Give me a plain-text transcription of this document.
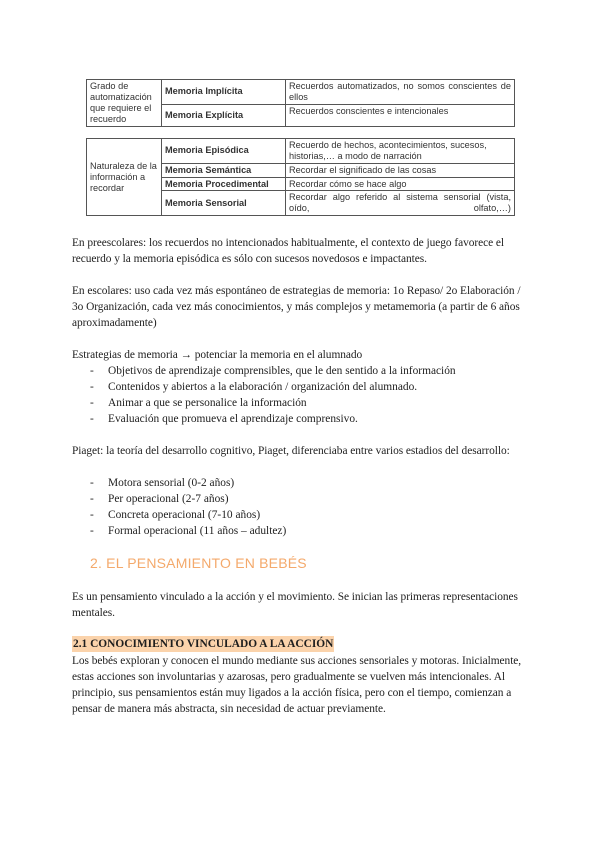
Grado de automatización que requiere el recuerdo	Memoria Implícita	Recuerdos automatizados, no somos conscientes de ellos
	Memoria Explícita	Recuerdos conscientes e intencionales
Naturaleza de la información a recordar	Memoria Episódica	Recuerdo de hechos, acontecimientos, sucesos, historias,… a modo de narración
	Memoria Semántica	Recordar el significado de las cosas
	Memoria Procedimental	Recordar cómo se hace algo
	Memoria Sensorial	Recordar algo referido al sistema sensorial (vista, oído, olfato,…)

En preescolares: los recuerdos no intencionados habitualmente, el contexto de juego favorece el recuerdo y la memoria episódica es sólo con sucesos novedosos e impactantes.

En escolares: uso cada vez más espontáneo de estrategias de memoria: 1o Repaso/ 2o Elaboración / 3o Organización, cada vez más conocimientos, y más complejos y metamemoria (a partir de 6 años aproximadamente)

Estrategias de memoria → potenciar la memoria en el alumnado

- Objetivos de aprendizaje comprensibles, que le den sentido a la información
- Contenidos y abiertos a la elaboración / organización del alumnado.
- Animar a que se personalice la información
- Evaluación que promueva el aprendizaje comprensivo.

Piaget: la teoría del desarrollo cognitivo, Piaget, diferenciaba entre varios estadios del desarrollo:

- Motora sensorial (0-2 años)
- Per operacional (2-7 años)
- Concreta operacional (7-10 años)
- Formal operacional (11 años – adultez)
2. EL PENSAMIENTO EN BEBÉS

Es un pensamiento vinculado a la acción y el movimiento. Se inician las primeras representaciones mentales.

2.1 CONOCIMIENTO VINCULADO A LA ACCIÓN

Los bebés exploran y conocen el mundo mediante sus acciones sensoriales y motoras. Inicialmente, estas acciones son involuntarias y azarosas, pero gradualmente se vuelven más intencionales. Al principio, sus pensamientos están muy ligados a la acción física, pero con el tiempo, comienzan a pensar de manera más abstracta, sin necesidad de actuar previamente.
